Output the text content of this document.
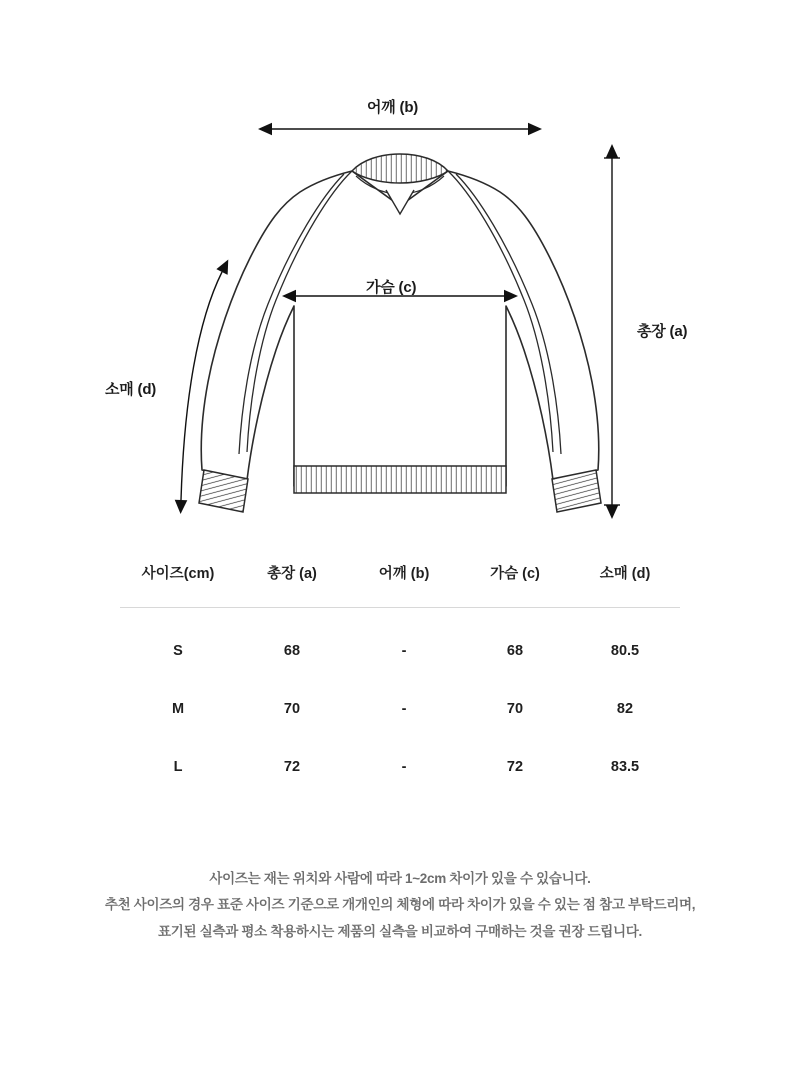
어깨 (b)
가슴 (c)
총장 (a)
소매 (d)
사이즈(cm)	총장 (a)	어깨 (b)	가슴 (c)	소매 (d)
S	68	-	68	80.5
M	70	-	70	82
L	72	-	72	83.5
사이즈는 재는 위치와 사람에 따라 1~2cm 차이가 있을 수 있습니다.
추천 사이즈의 경우 표준 사이즈 기준으로 개개인의 체형에 따라 차이가 있을 수 있는 점 참고 부탁드리며,
표기된 실측과 평소 착용하시는 제품의 실측을 비교하여 구매하는 것을 권장 드립니다.
